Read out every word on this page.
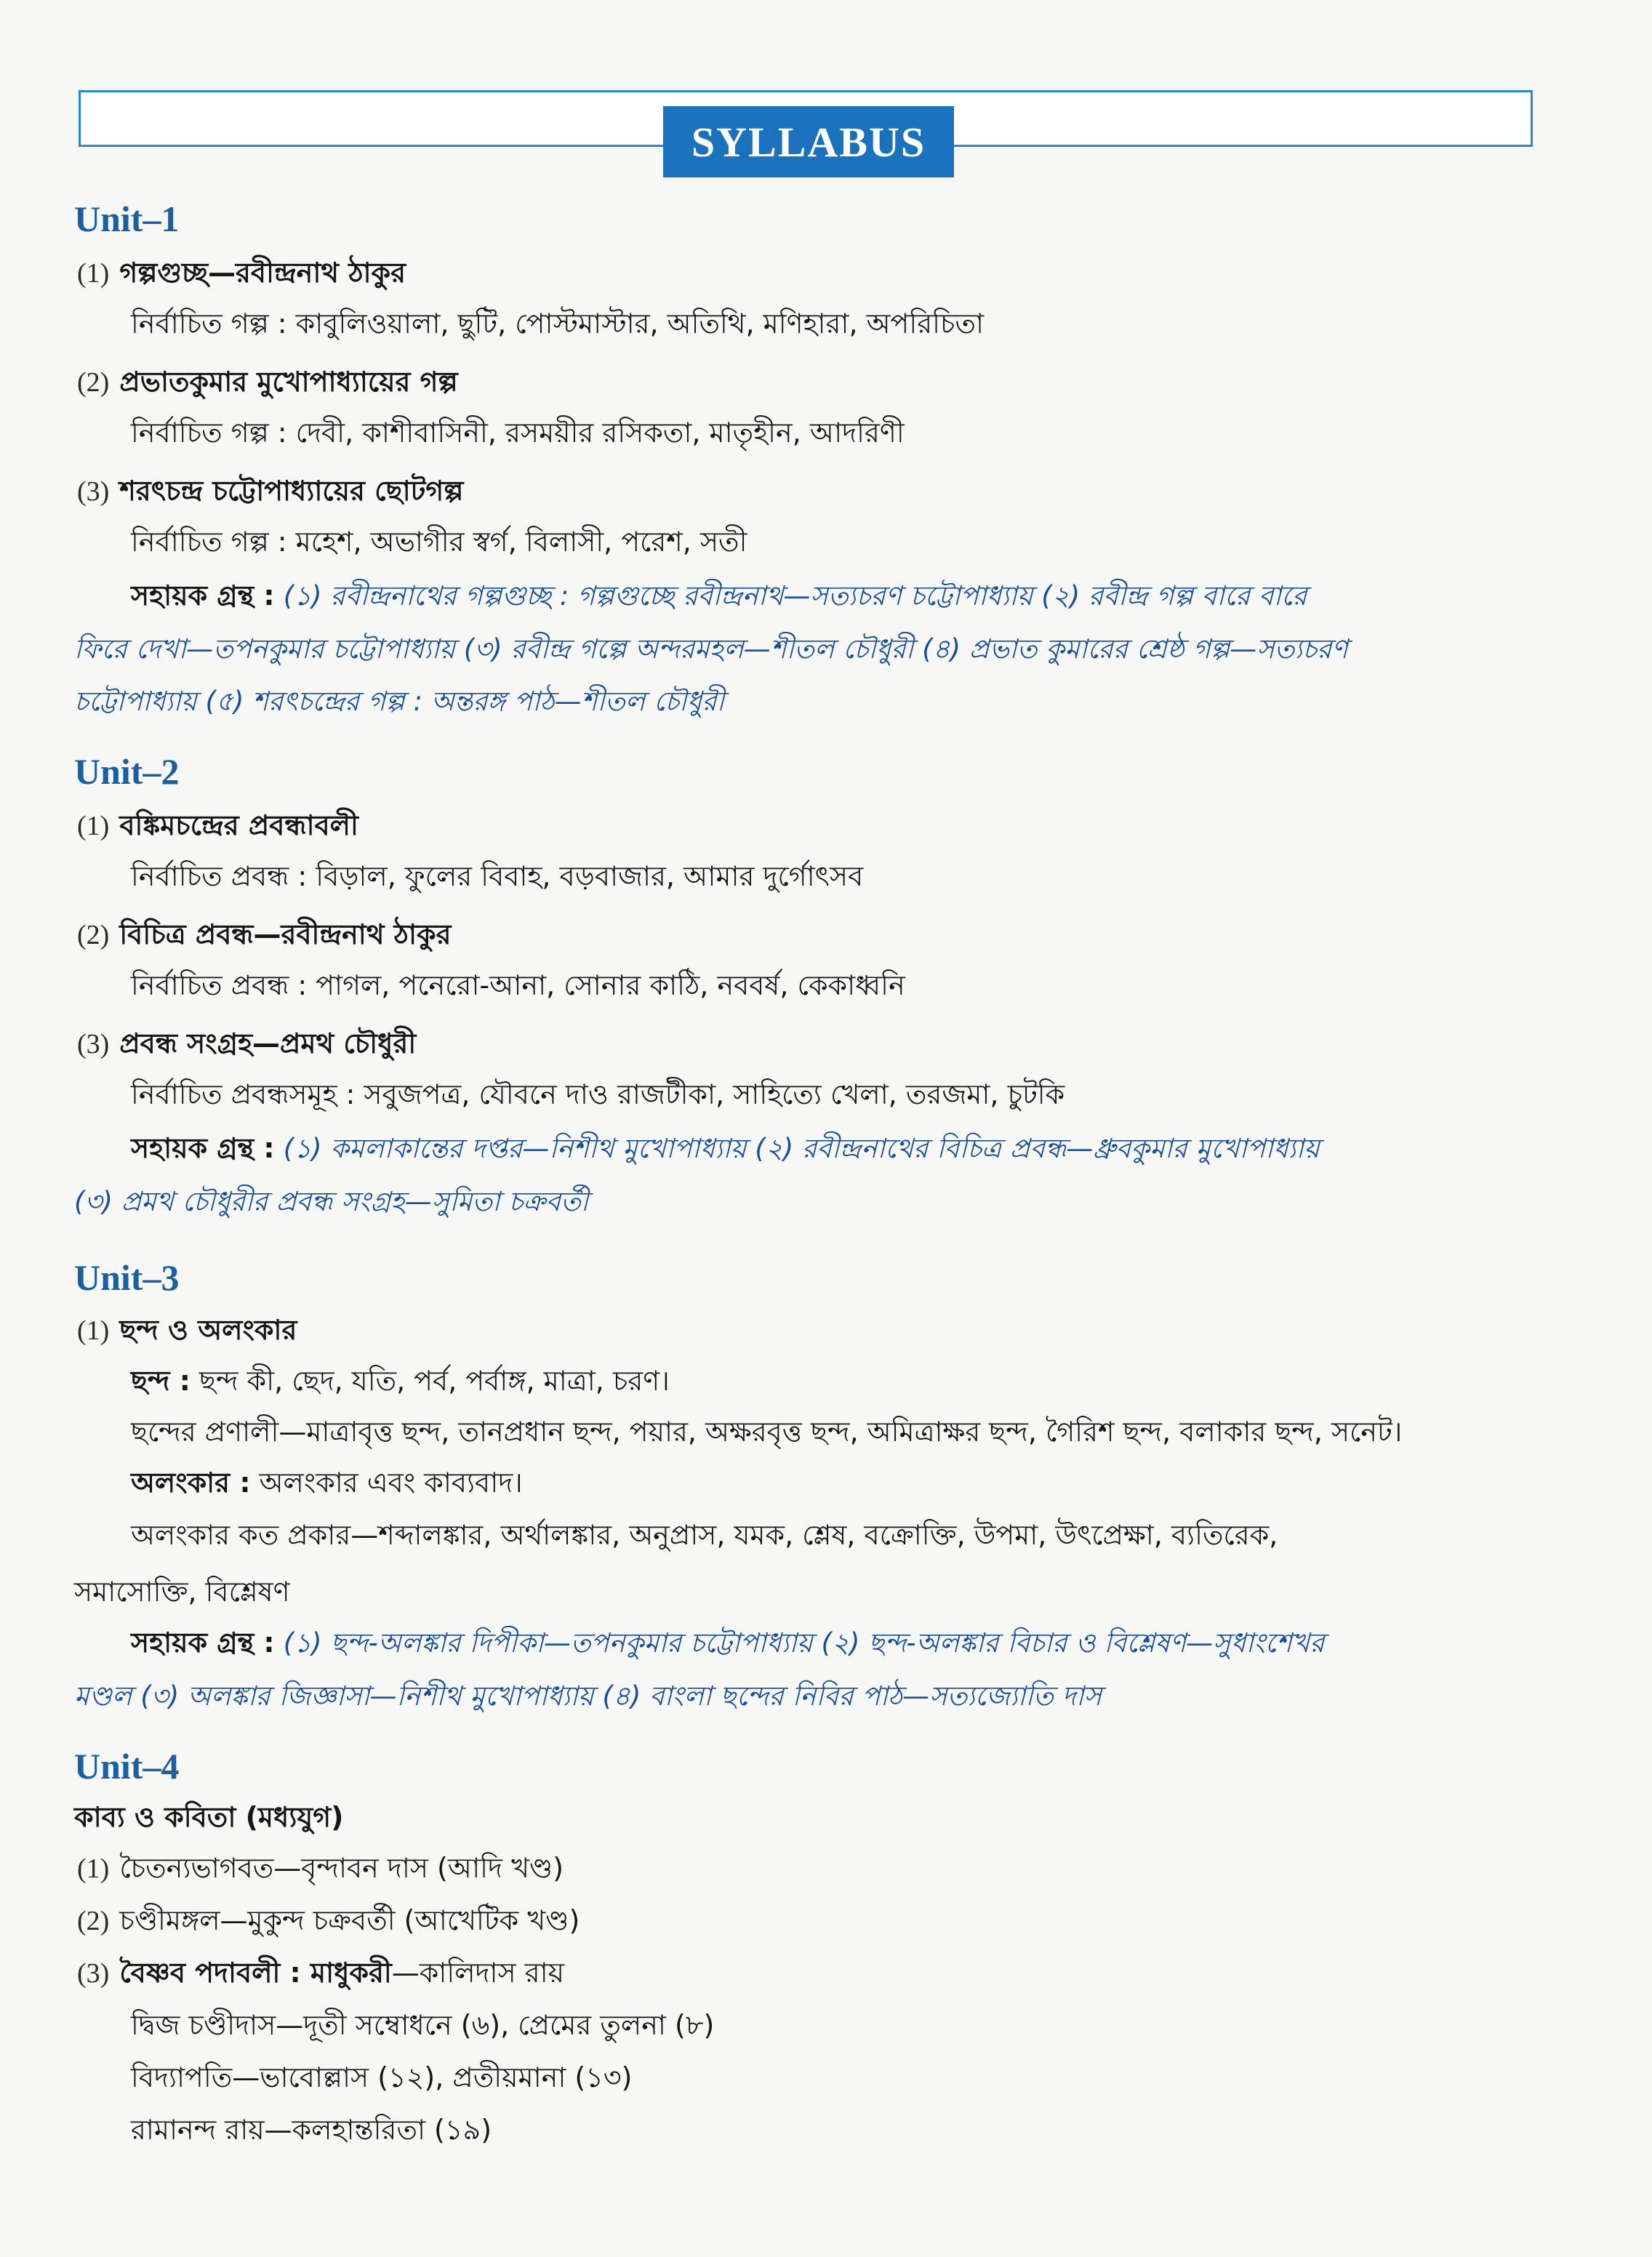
SYLLABUS
Unit–1
(1) গল্পগুচ্ছ—রবীন্দ্রনাথ ঠাকুর
নির্বাচিত গল্প : কাবুলিওয়ালা, ছুটি, পোস্টমাস্টার, অতিথি, মণিহারা, অপরিচিতা
(2) প্রভাতকুমার মুখোপাধ্যায়ের গল্প
নির্বাচিত গল্প : দেবী, কাশীবাসিনী, রসময়ীর রসিকতা, মাতৃহীন, আদরিণী
(3) শরৎচন্দ্র চট্টোপাধ্যায়ের ছোটগল্প
নির্বাচিত গল্প : মহেশ, অভাগীর স্বর্গ, বিলাসী, পরেশ, সতী
সহায়ক গ্রন্থ : (১) রবীন্দ্রনাথের গল্পগুচ্ছ : গল্পগুচ্ছে রবীন্দ্রনাথ—সত্যচরণ চট্টোপাধ্যায় (২) রবীন্দ্র গল্প বারে বারে
ফিরে দেখা—তপনকুমার চট্টোপাধ্যায় (৩) রবীন্দ্র গল্পে অন্দরমহল—শীতল চৌধুরী (৪) প্রভাত কুমারের শ্রেষ্ঠ গল্প—সত্যচরণ
চট্টোপাধ্যায় (৫) শরৎচন্দ্রের গল্প : অন্তরঙ্গ পাঠ—শীতল চৌধুরী
Unit–2
(1) বঙ্কিমচন্দ্রের প্রবন্ধাবলী
নির্বাচিত প্রবন্ধ : বিড়াল, ফুলের বিবাহ, বড়বাজার, আমার দুর্গোৎসব
(2) বিচিত্র প্রবন্ধ—রবীন্দ্রনাথ ঠাকুর
নির্বাচিত প্রবন্ধ : পাগল, পনেরো-আনা, সোনার কাঠি, নববর্ষ, কেকাধ্বনি
(3) প্রবন্ধ সংগ্রহ—প্রমথ চৌধুরী
নির্বাচিত প্রবন্ধসমূহ : সবুজপত্র, যৌবনে দাও রাজটীকা, সাহিত্যে খেলা, তরজমা, চুটকি
সহায়ক গ্রন্থ : (১) কমলাকান্তের দপ্তর—নিশীথ মুখোপাধ্যায় (২) রবীন্দ্রনাথের বিচিত্র প্রবন্ধ—ধ্রুবকুমার মুখোপাধ্যায়
(৩) প্রমথ চৌধুরীর প্রবন্ধ সংগ্রহ—সুমিতা চক্রবর্তী
Unit–3
(1) ছন্দ ও অলংকার
ছন্দ : ছন্দ কী, ছেদ, যতি, পর্ব, পর্বাঙ্গ, মাত্রা, চরণ।
ছন্দের প্রণালী—মাত্রাবৃত্ত ছন্দ, তানপ্রধান ছন্দ, পয়ার, অক্ষরবৃত্ত ছন্দ, অমিত্রাক্ষর ছন্দ, গৈরিশ ছন্দ, বলাকার ছন্দ, সনেট।
অলংকার : অলংকার এবং কাব্যবাদ।
অলংকার কত প্রকার—শব্দালঙ্কার, অর্থালঙ্কার, অনুপ্রাস, যমক, শ্লেষ, বক্রোক্তি, উপমা, উৎপ্রেক্ষা, ব্যতিরেক,
সমাসোক্তি, বিশ্লেষণ
সহায়ক গ্রন্থ : (১) ছন্দ-অলঙ্কার দিপীকা—তপনকুমার চট্টোপাধ্যায় (২) ছন্দ-অলঙ্কার বিচার ও বিশ্লেষণ—সুধাংশেখর
মণ্ডল (৩) অলঙ্কার জিজ্ঞাসা—নিশীথ মুখোপাধ্যায় (৪) বাংলা ছন্দের নিবির পাঠ—সত্যজ্যোতি দাস
Unit–4
কাব্য ও কবিতা (মধ্যযুগ)
(1) চৈতন্যভাগবত—বৃন্দাবন দাস (আদি খণ্ড)
(2) চণ্ডীমঙ্গল—মুকুন্দ চক্রবর্তী (আখেটিক খণ্ড)
(3) বৈষ্ণব পদাবলী : মাধুকরী—কালিদাস রায়
দ্বিজ চণ্ডীদাস—দূতী সম্বোধনে (৬), প্রেমের তুলনা (৮)
বিদ্যাপতি—ভাবোল্লাস (১২), প্রতীয়মানা (১৩)
রামানন্দ রায়—কলহান্তরিতা (১৯)
